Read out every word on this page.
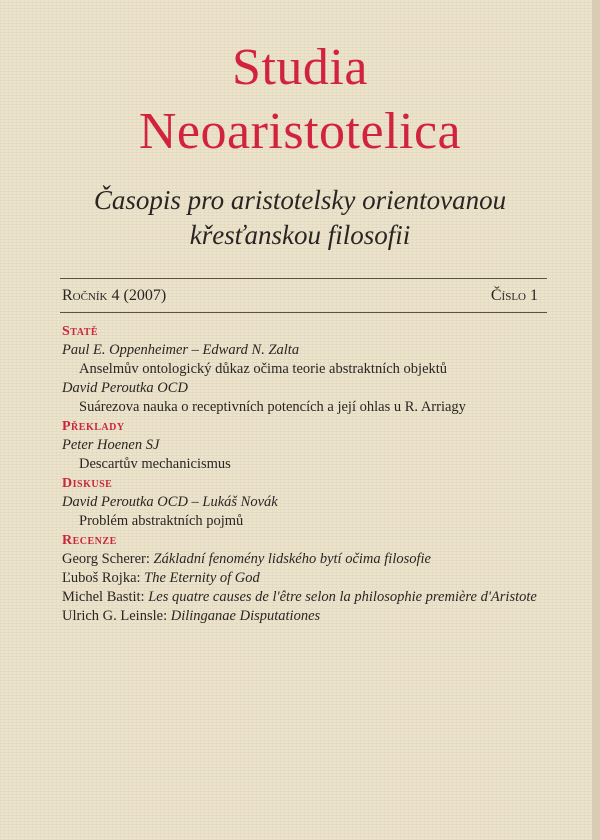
Studia
Neoaristotelica
Časopis pro aristotelsky orientovanou
křesťanskou filosofii
Ročník 4 (2007)	Číslo 1
Statě
Paul E. Oppenheimer – Edward N. Zalta
Anselmův ontologický důkaz očima teorie abstraktních objektů
David Peroutka OCD
Suárezova nauka o receptivních potencích a její ohlas u R. Arriagy
Překlady
Peter Hoenen SJ
Descartův mechanicismus
Diskuse
David Peroutka OCD – Lukáš Novák
Problém abstraktních pojmů
Recenze
Georg Scherer: Základní fenomény lidského bytí očima filosofie
Ľuboš Rojka: The Eternity of God
Michel Bastit: Les quatre causes de l'être selon la philosophie première d'Aristote
Ulrich G. Leinsle: Dilinganae Disputationes
